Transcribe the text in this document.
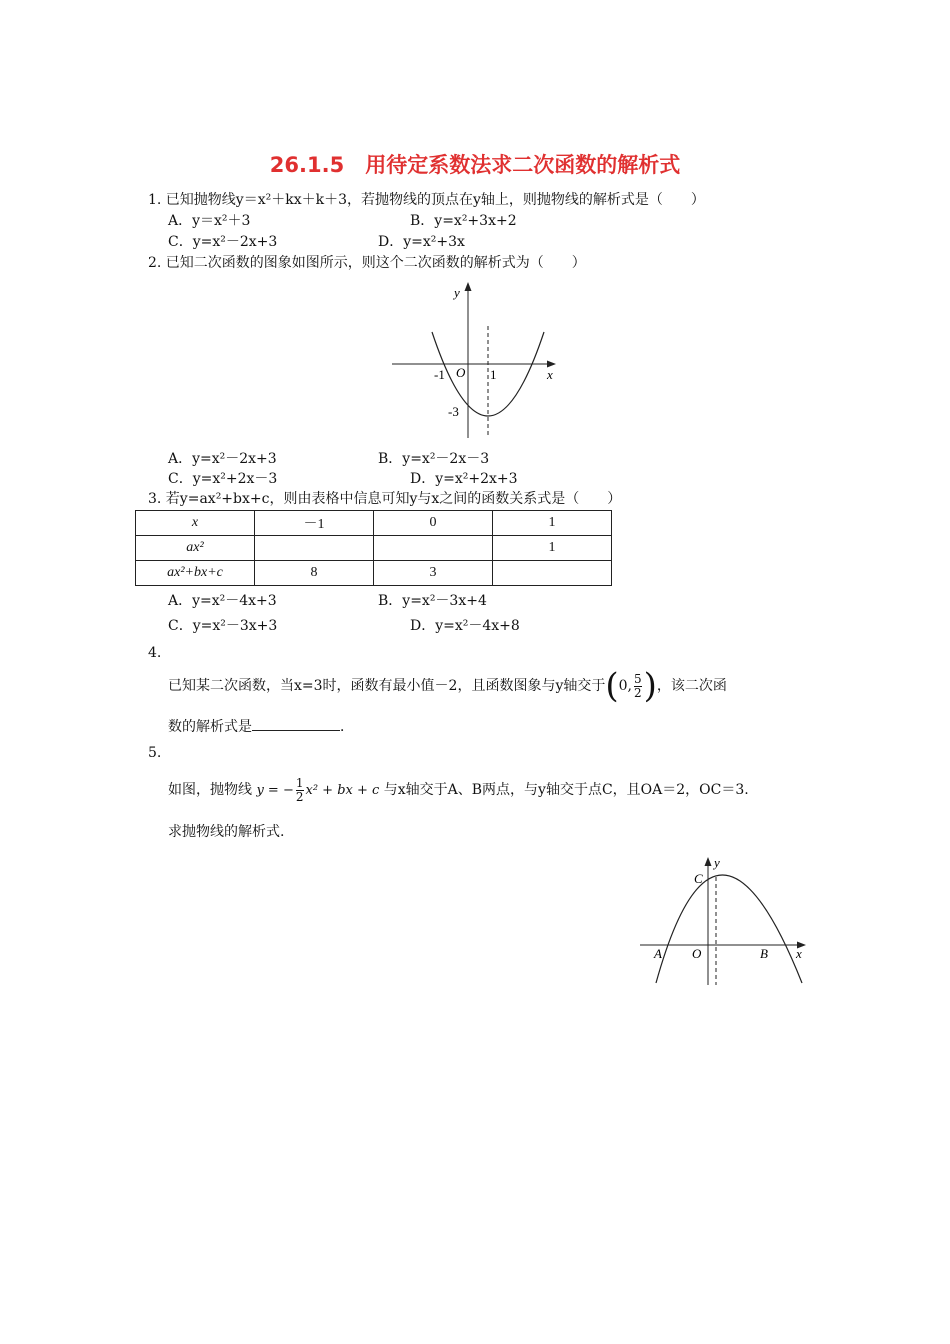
26.1.5　用待定系数法求二次函数的解析式
1. 已知抛物线y＝x²＋kx＋k＋3，若抛物线的顶点在y轴上，则抛物线的解析式是（　　）
A．y＝x²＋3	B．y=x²+3x+2
C．y=x²－2x+3	D．y=x²+3x
2. 已知二次函数的图象如图所示，则这个二次函数的解析式为（　　）
y
x
O
-1	1
-3
A．y=x²－2x+3	B．y=x²－2x－3
C．y=x²+2x－3	D．y=x²+2x+3
3. 若y=ax²+bx+c，则由表格中信息可知y与x之间的函数关系式是（　　）
x	－1	0	1
ax²			1
ax²+bx+c	8	3	
A．y=x²－4x+3	B．y=x²－3x+4
C．y=x²－3x+3	D．y=x²－4x+8
4.
已知某二次函数，当x=3时，函数有最小值－2，且函数图象与y轴交于(0, $\frac{5}{2}$ )，该二次函
数的解析式是	．
5.
如图，抛物线 y = − $\frac{1}{2} x^2$ + bx + c 与x轴交于A、B两点，与y轴交于点C，且OA＝2，OC＝3.
求抛物线的解析式.
y
x
O
A	B
C
